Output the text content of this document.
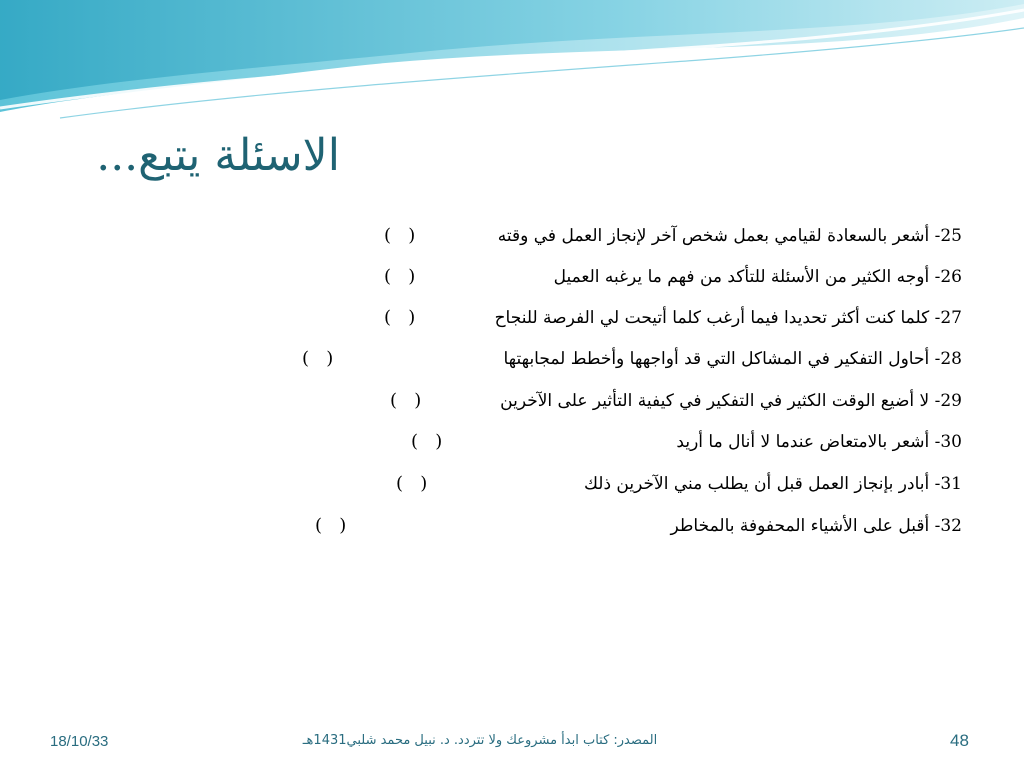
الاسئلة يتبع...
25- أشعر بالسعادة لقيامي بعمل شخص آخر لإنجاز العمل في وقته
(   )
26- أوجه الكثير من الأسئلة للتأكد من فهم ما يرغبه العميل
(   )
27- كلما كنت أكثر تحديدا فيما أرغب كلما أتيحت لي الفرصة للنجاح
(   )
28- أحاول التفكير في المشاكل التي قد أواجهها وأخطط لمجابهتها
(   )
29- لا أضيع الوقت الكثير في التفكير في كيفية التأثير على الآخرين
(   )
30- أشعر بالامتعاض عندما لا أنال ما أريد
(   )
31- أبادر بإنجاز العمل قبل أن يطلب مني الآخرين ذلك
(   )
32- أقبل على الأشياء المحفوفة بالمخاطر
(   )
18/10/33	المصدر: كتاب ابدأ مشروعك ولا تتردد. د. نبيل محمد شلبي1431هـ	48
